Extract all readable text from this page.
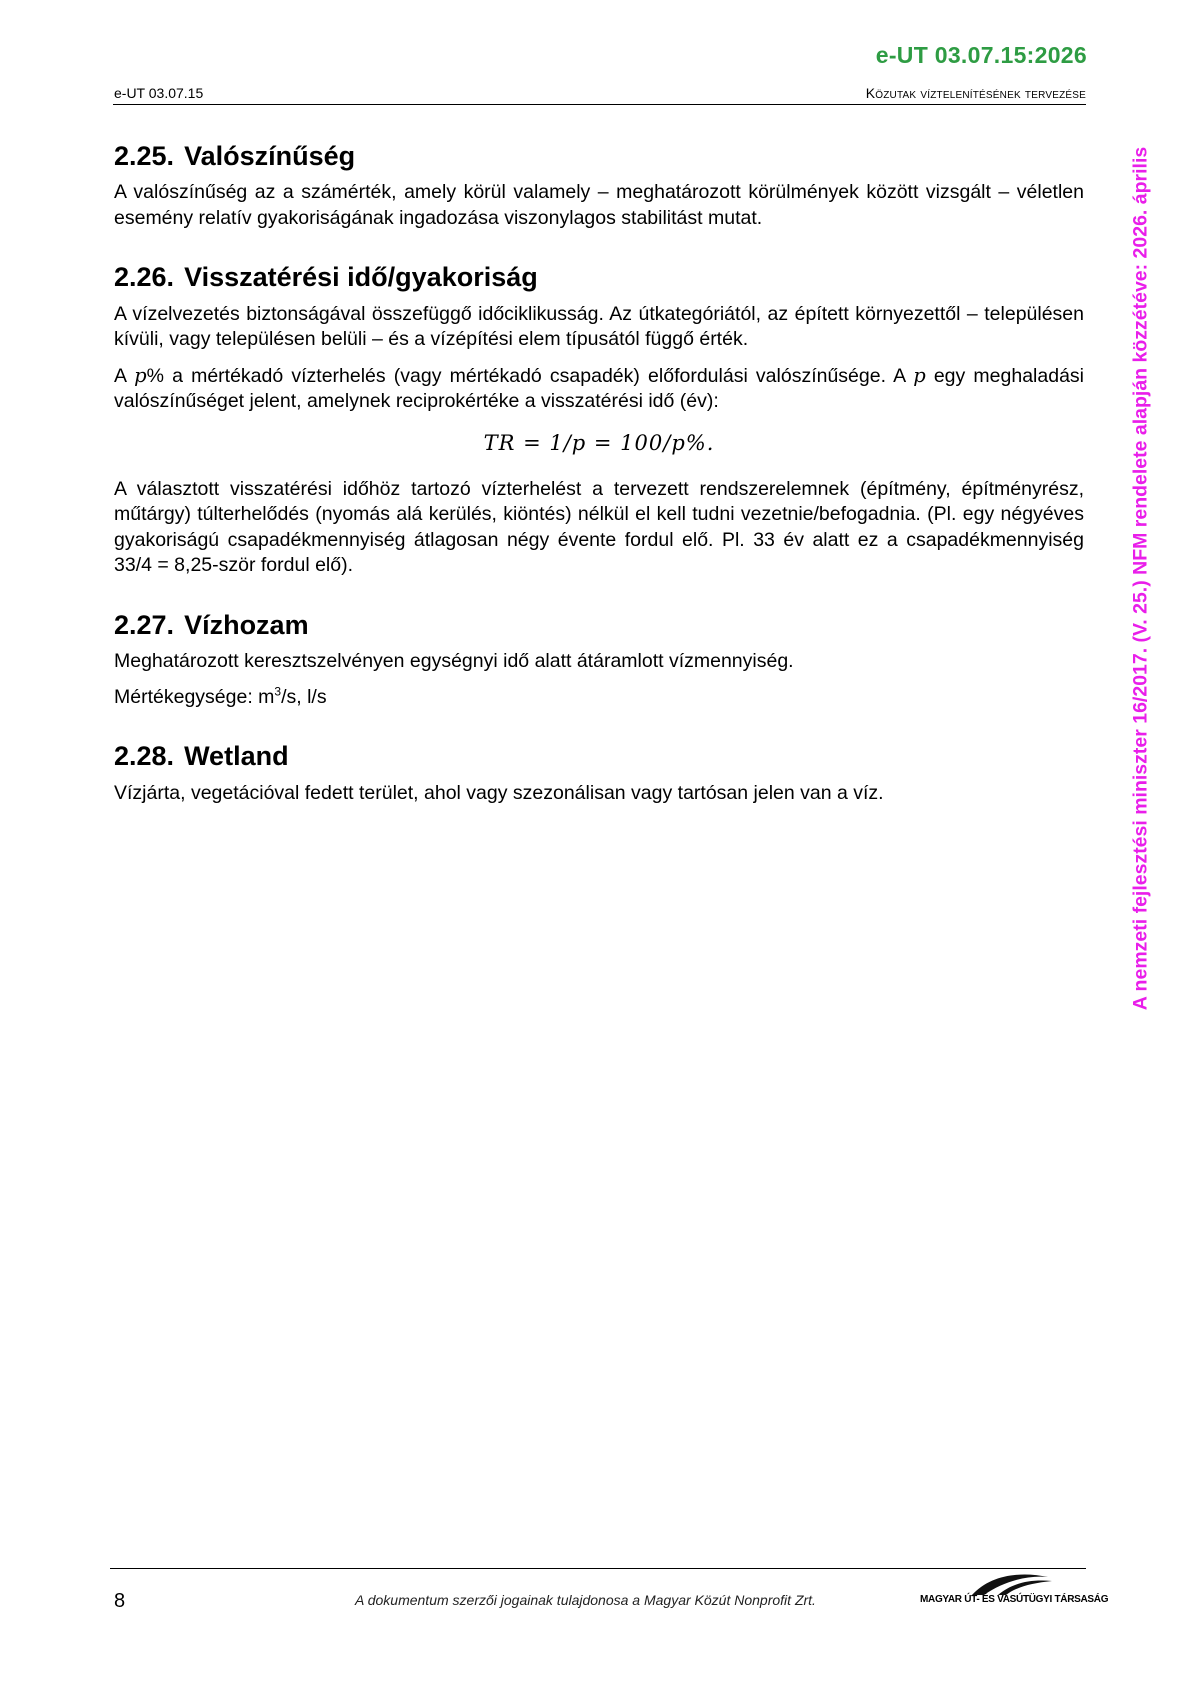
e-UT 03.07.15:2026
e-UT 03.07.15	Közutak víztelenítésének tervezése
2.25. Valószínűség

A valószínűség az a számérték, amely körül valamely – meghatározott körülmények között vizsgált – véletlen esemény relatív gyakoriságának ingadozása viszonylagos stabilitást mutat.

2.26. Visszatérési idő/gyakoriság

A vízelvezetés biztonságával összefüggő időciklikusság. Az útkategóriától, az épített környezettől – településen kívüli, vagy településen belüli – és a vízépítési elem típusától függő érték.

A p% a mértékadó vízterhelés (vagy mértékadó csapadék) előfordulási valószínűsége. A p egy meghaladási valószínűséget jelent, amelynek reciprokértéke a visszatérési idő (év):

TR = 1/p = 100/p%.

A választott visszatérési időhöz tartozó vízterhelést a tervezett rendszerelemnek (építmény, építményrész, műtárgy) túlterhelődés (nyomás alá kerülés, kiöntés) nélkül el kell tudni vezetnie/befogadnia. (Pl. egy négyéves gyakoriságú csapadékmennyiség átlagosan négy évente fordul elő. Pl. 33 év alatt ez a csapadékmennyiség 33/4 = 8,25-ször fordul elő).

2.27. Vízhozam

Meghatározott keresztszelvényen egységnyi idő alatt átáramlott vízmennyiség.

Mértékegysége: $m^3/s$, l/s

2.28. Wetland

Vízjárta, vegetációval fedett terület, ahol vagy szezonálisan vagy tartósan jelen van a víz.	A nemzeti fejlesztési miniszter 16/2017. (V. 25.) NFM rendelete alapján közzétéve: 2026. április
8	A dokumentum szerzői jogainak tulajdonosa a Magyar Közút Nonprofit Zrt.	MAGYAR ÚT- ÉS VASÚTÜGYI TÁRSASÁG
